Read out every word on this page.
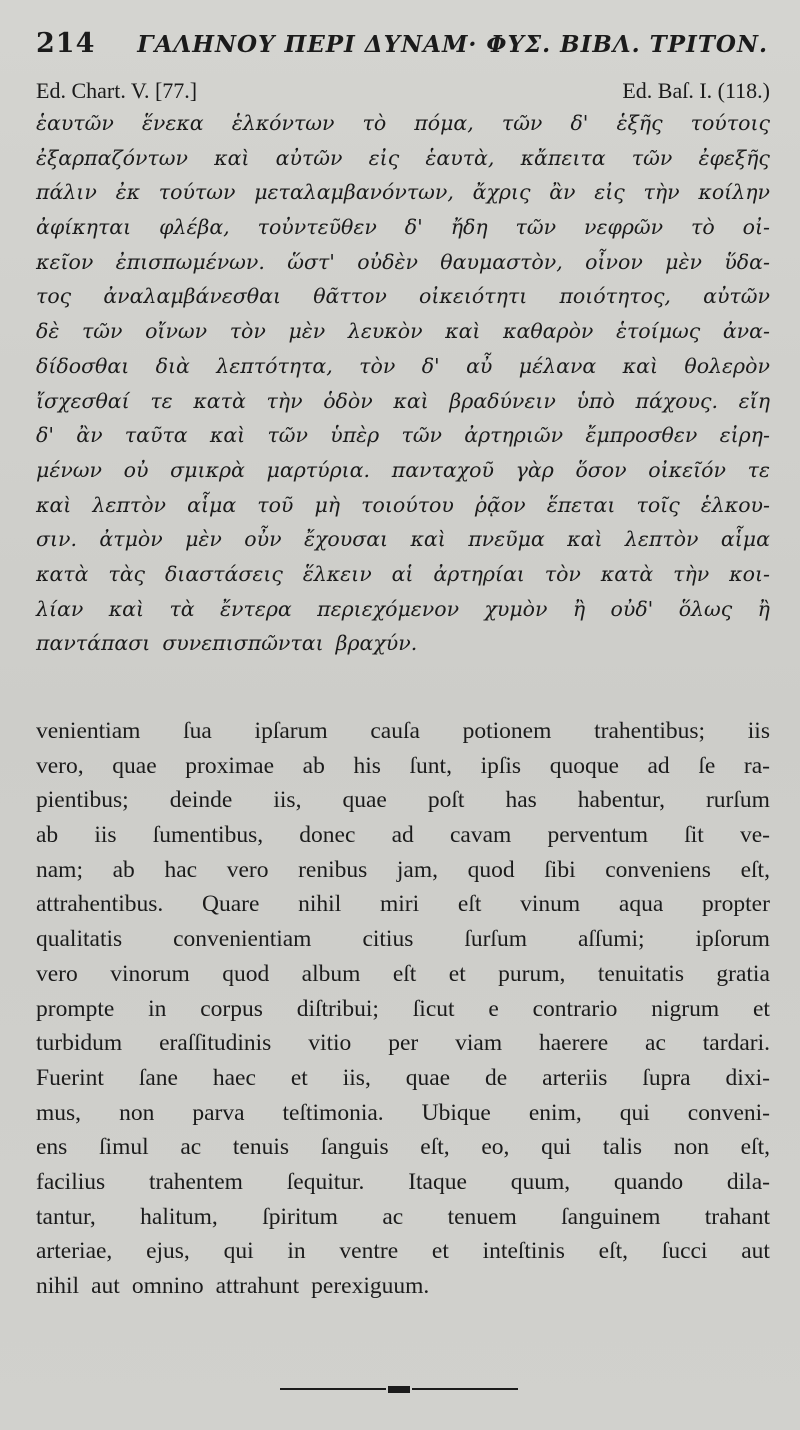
214	ΓΑΛΗΝΟΥ ΠΕΡΙ ΔΥΝΑΜ· ΦΥΣ. ΒΙΒΛ. ΤΡΙΤΟΝ.
Ed. Chart. V. [77.]	Ed. Baſ. I. (118.)
ἑαυτῶν ἕνεκα ἑλκόντων τὸ πόμα, τῶν δ' ἑξῆς τούτοις
ἐξαρπαζόντων καὶ αὐτῶν εἰς ἑαυτὰ, κἄπειτα τῶν ἐφεξῆς
πάλιν ἐκ τούτων μεταλαμβανόντων, ἄχρις ἂν εἰς τὴν κοίλην
ἀφίκηται φλέβα, τοὐντεῦθεν δ' ἤδη τῶν νεφρῶν τὸ οἰ-
κεῖον ἐπισπωμένων. ὥστ' οὐδὲν θαυμαστὸν, οἶνον μὲν ὕδα-
τος ἀναλαμβάνεσθαι θᾶττον οἰκειότητι ποιότητος, αὐτῶν
δὲ τῶν οἴνων τὸν μὲν λευκὸν καὶ καθαρὸν ἑτοίμως ἀνα-
δίδοσθαι διὰ λεπτότητα, τὸν δ' αὖ μέλανα καὶ θολερὸν
ἴσχεσθαί τε κατὰ τὴν ὁδὸν καὶ βραδύνειν ὑπὸ πάχους. εἴη
δ' ἂν ταῦτα καὶ τῶν ὑπὲρ τῶν ἀρτηριῶν ἔμπροσθεν εἰρη-
μένων οὐ σμικρὰ μαρτύρια. πανταχοῦ γὰρ ὅσον οἰκεῖόν τε
καὶ λεπτὸν αἷμα τοῦ μὴ τοιούτου ῥᾷον ἕπεται τοῖς ἑλκου-
σιν. ἀτμὸν μὲν οὖν ἔχουσαι καὶ πνεῦμα καὶ λεπτὸν αἷμα
κατὰ τὰς διαστάσεις ἕλκειν αἱ ἀρτηρίαι τὸν κατὰ τὴν κοι-
λίαν καὶ τὰ ἔντερα περιεχόμενον χυμὸν ἢ οὐδ' ὅλως ἢ
παντάπασι συνεπισπῶνται βραχύν.
venientiam ſua ipſarum cauſa potionem trahentibus; iis
vero, quae proximae ab his ſunt, ipſis quoque ad ſe ra-
pientibus; deinde iis, quae poſt has habentur, rurſum
ab iis ſumentibus, donec ad cavam perventum ſit ve-
nam; ab hac vero renibus jam, quod ſibi conveniens eſt,
attrahentibus. Quare nihil miri eſt vinum aqua propter
qualitatis convenientiam citius ſurſum aſſumi; ipſorum
vero vinorum quod album eſt et purum, tenuitatis gratia
prompte in corpus diſtribui; ſicut e contrario nigrum et
turbidum eraſſitudinis vitio per viam haerere ac tardari.
Fuerint ſane haec et iis, quae de arteriis ſupra dixi-
mus, non parva teſtimonia. Ubique enim, qui conveni-
ens ſimul ac tenuis ſanguis eſt, eo, qui talis non eſt,
facilius trahentem ſequitur. Itaque quum, quando dila-
tantur, halitum, ſpiritum ac tenuem ſanguinem trahant
arteriae, ejus, qui in ventre et inteſtinis eſt, ſucci aut
nihil aut omnino attrahunt perexiguum.
